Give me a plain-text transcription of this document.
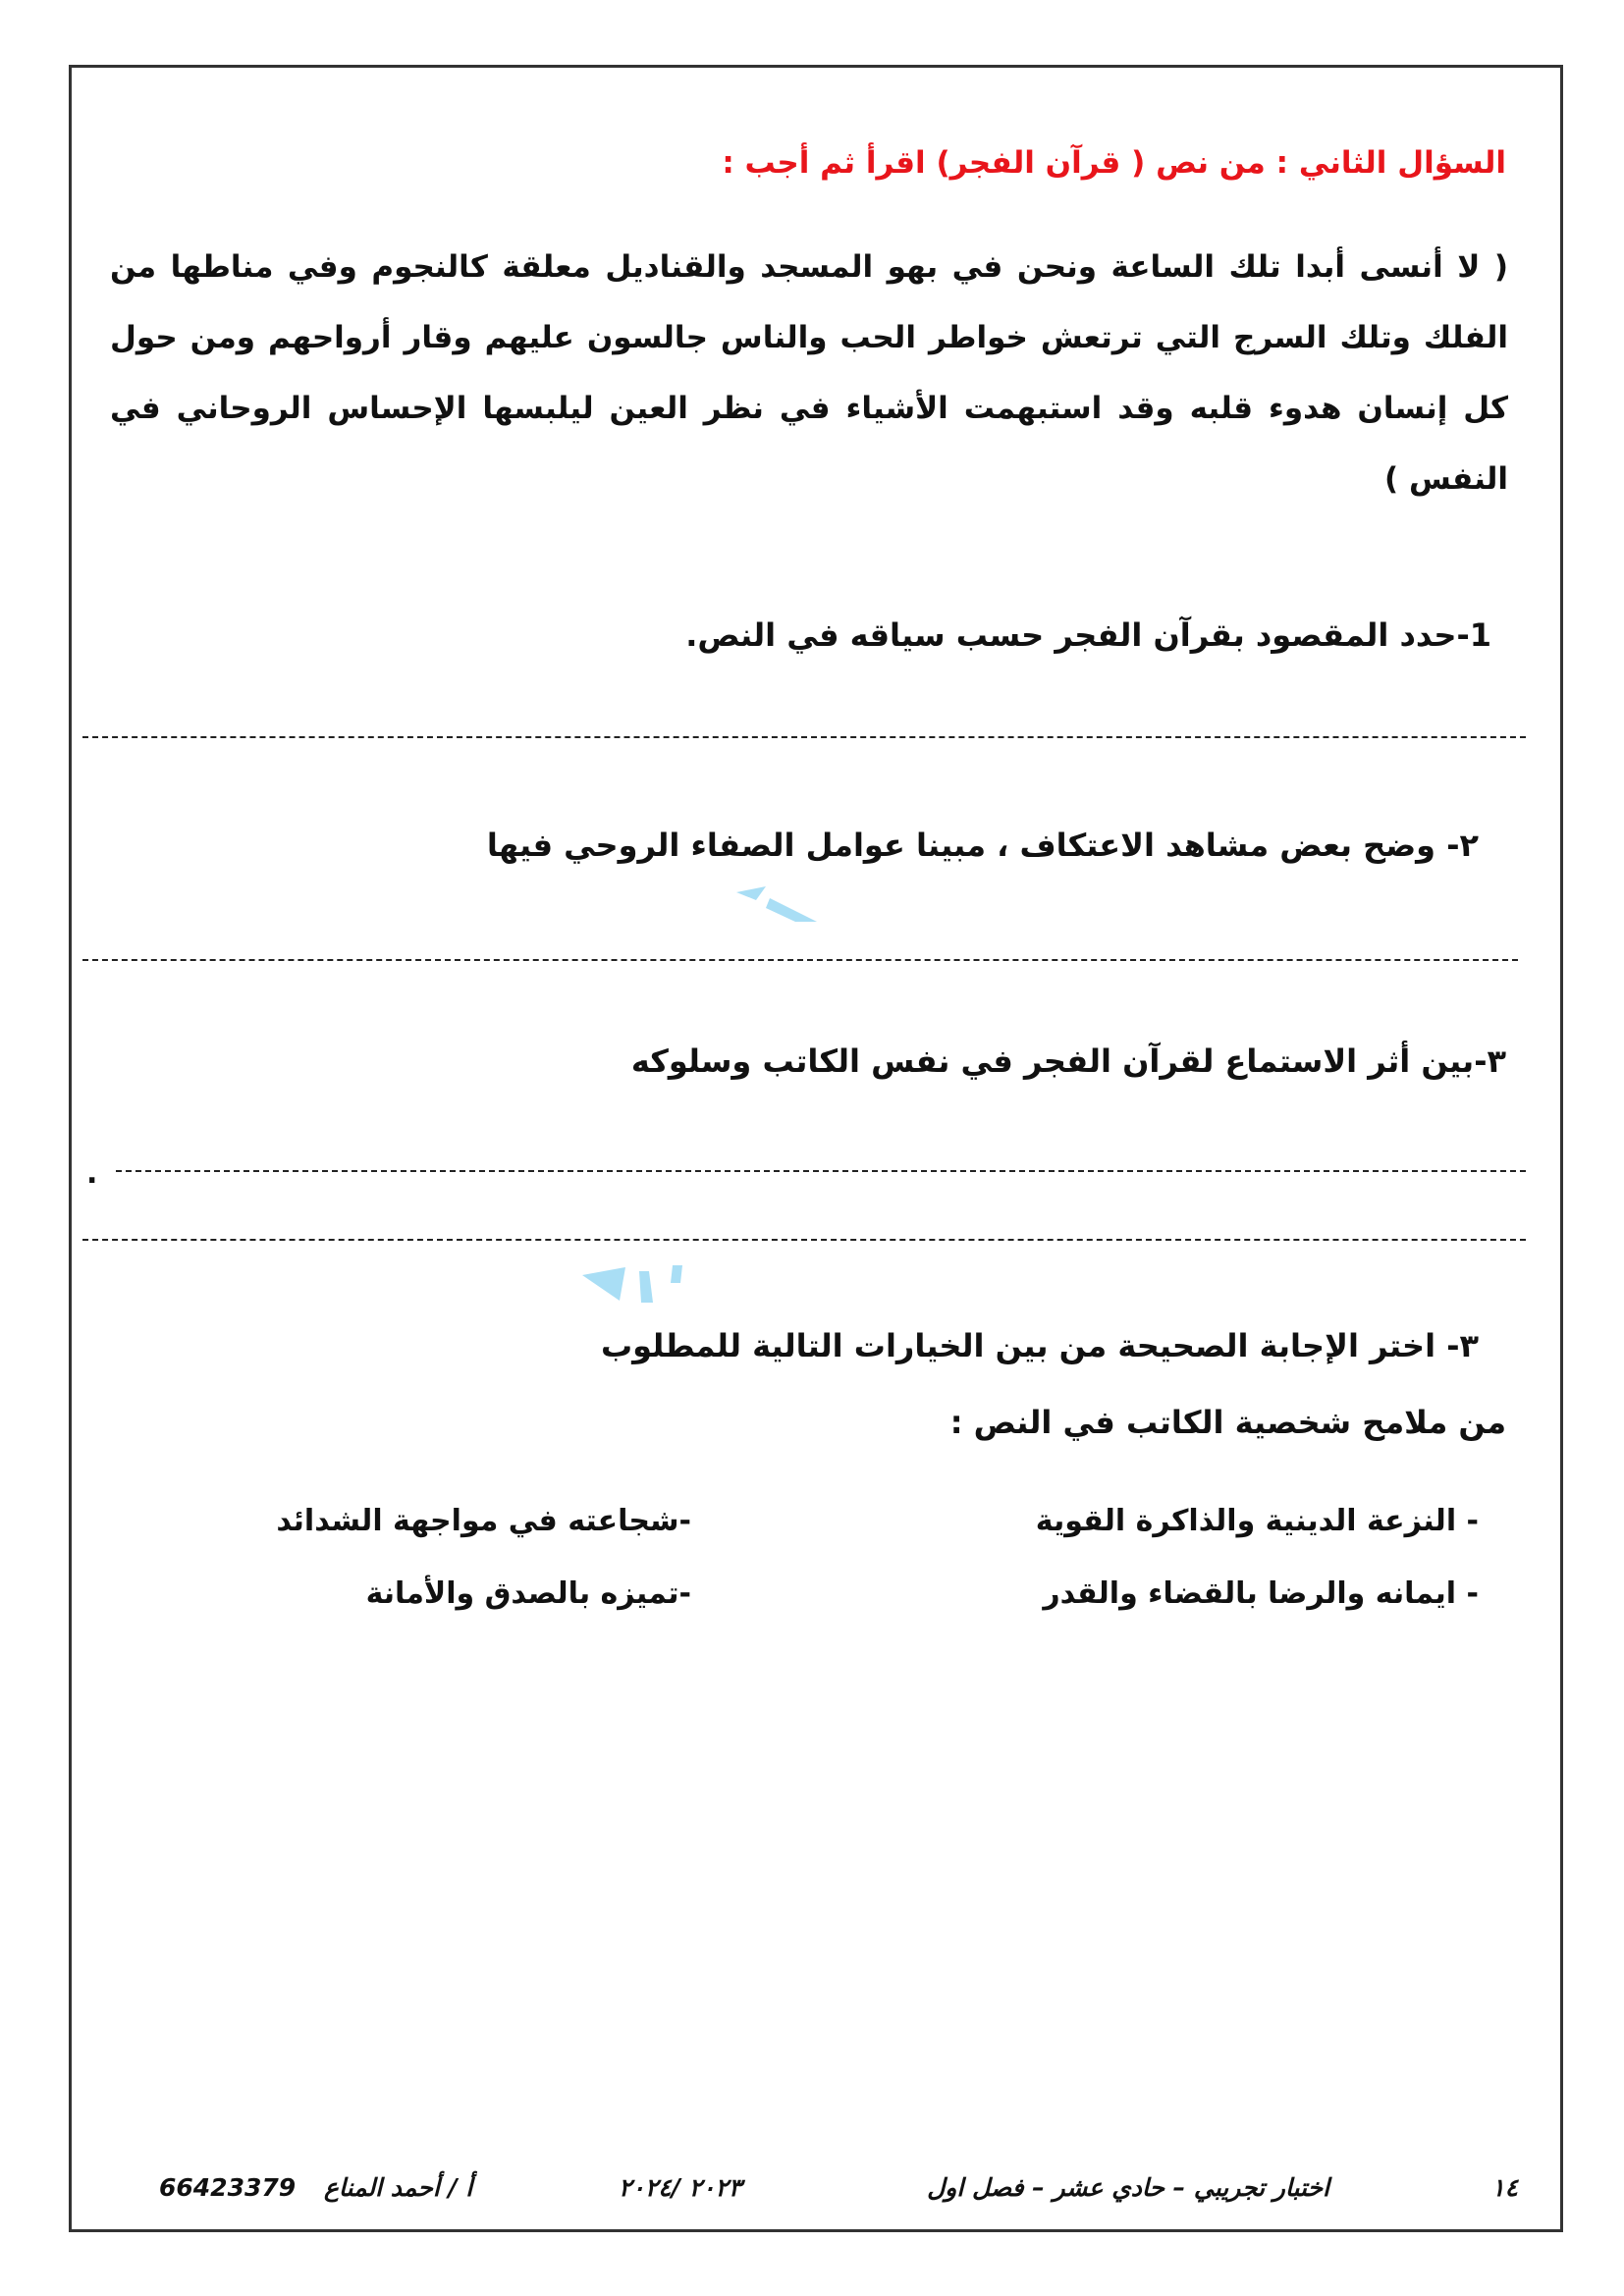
السؤال الثاني : من نص ( قرآن الفجر) اقرأ ثم أجب :
( لا أنسى أبدا تلك الساعة ونحن في بهو المسجد والقناديل معلقة كالنجوم وفي مناطها من الفلك وتلك السرج التي ترتعش خواطر الحب والناس جالسون عليهم وقار أرواحهم ومن حول كل إنسان هدوء قلبه وقد استبهمت الأشياء في نظر العين ليلبسها الإحساس الروحاني في النفس )
1-حدد المقصود بقرآن الفجر حسب سياقه في النص.
٢- وضح بعض مشاهد الاعتكاف ، مبينا عوامل الصفاء الروحي فيها
٣-بين أثر الاستماع لقرآن الفجر في نفس الكاتب وسلوكه
.
٣- اختر الإجابة الصحيحة من بين الخيارات التالية للمطلوب
من ملامح شخصية الكاتب في النص :
- النزعة الدينية والذاكرة القوية
-شجاعته في مواجهة الشدائد
- ايمانه والرضا بالقضاء والقدر
-تميزه بالصدق والأمانة
١٤
اختبار تجريبي – حادي عشر – فصل اول
٢٠٢٣ /٢٠٢٤
أ / أحمد المناع
66423379
